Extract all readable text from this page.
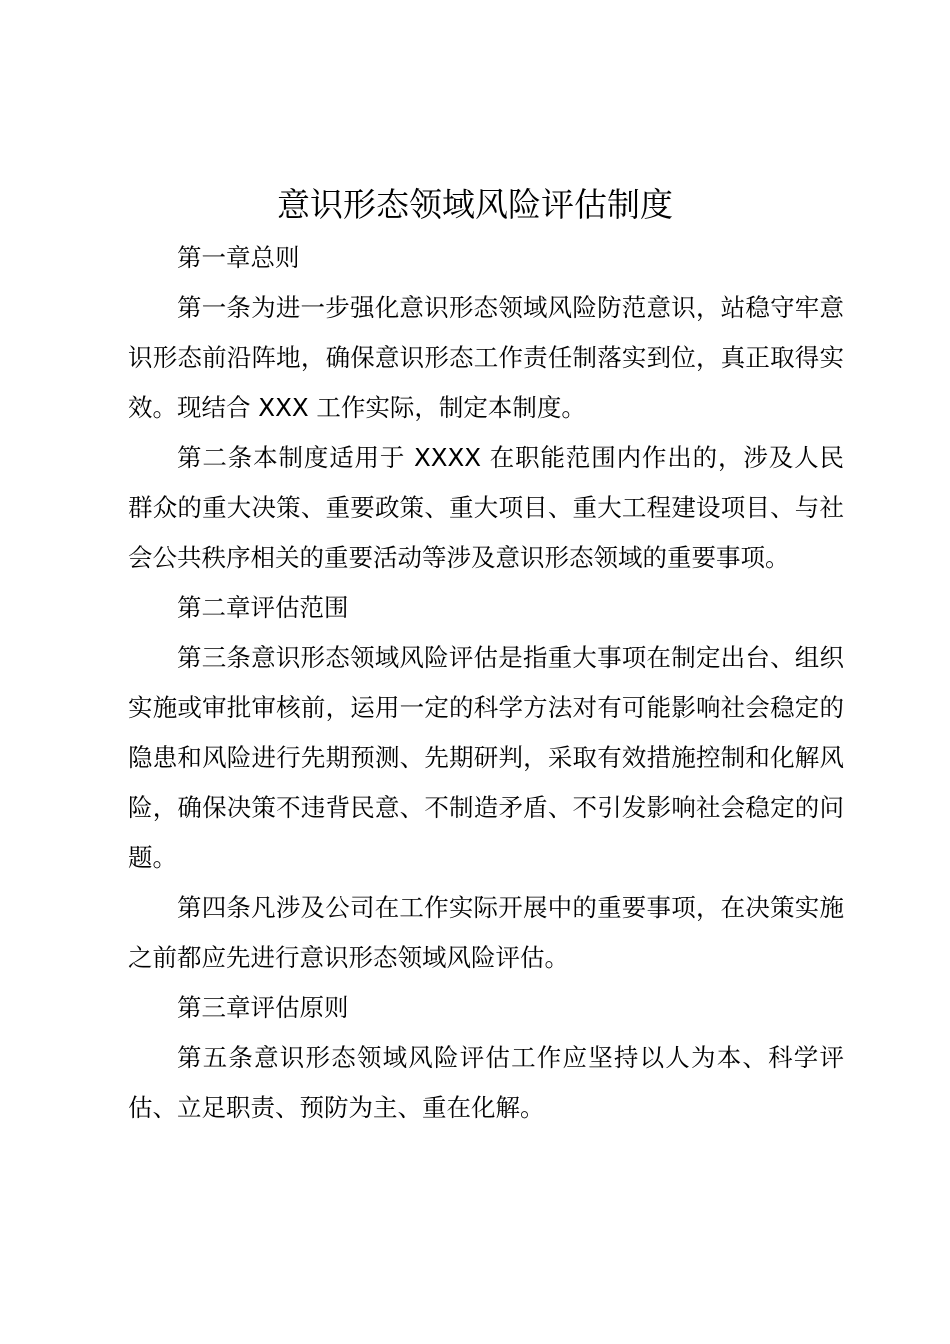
意识形态领域风险评估制度

第一章总则

第一条为进一步强化意识形态领域风险防范意识，站稳守牢意识形态前沿阵地，确保意识形态工作责任制落实到位，真正取得实效。现结合 XXX 工作实际，制定本制度。

第二条本制度适用于 XXXX 在职能范围内作出的，涉及人民群众的重大决策、重要政策、重大项目、重大工程建设项目、与社会公共秩序相关的重要活动等涉及意识形态领域的重要事项。

第二章评估范围

第三条意识形态领域风险评估是指重大事项在制定出台、组织实施或审批审核前，运用一定的科学方法对有可能影响社会稳定的隐患和风险进行先期预测、先期研判，采取有效措施控制和化解风险，确保决策不违背民意、不制造矛盾、不引发影响社会稳定的问题。

第四条凡涉及公司在工作实际开展中的重要事项，在决策实施之前都应先进行意识形态领域风险评估。

第三章评估原则

第五条意识形态领域风险评估工作应坚持以人为本、科学评估、立足职责、预防为主、重在化解。
